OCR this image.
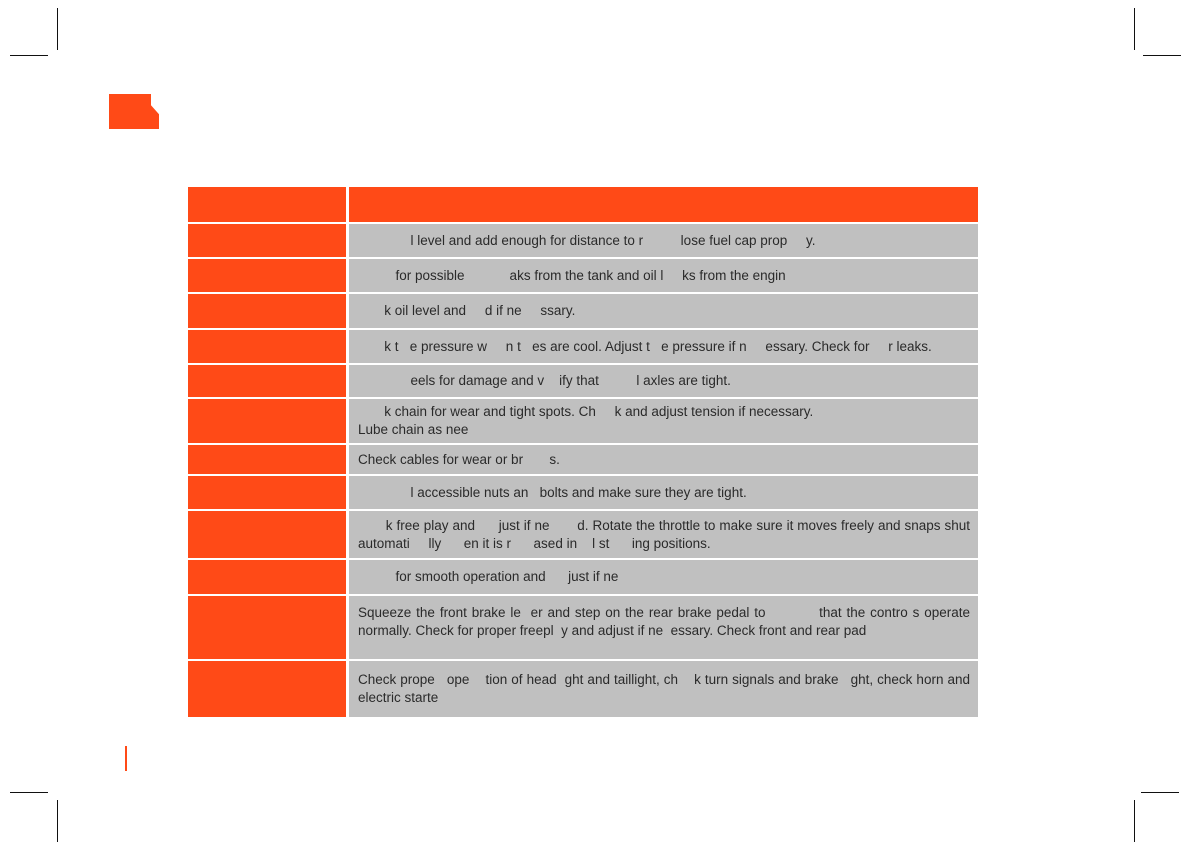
l level and add enough for distance to r          lose fuel cap prop     y.
for possible            aks from the tank and oil l     ks from the engin
k oil level and     d if ne     ssary.
k t   e pressure w     n t   es are cool. Adjust t   e pressure if n     essary. Check for     r leaks.
eels for damage and v    ify that          l axles are tight.
k chain for wear and tight spots. Ch     k and adjust tension if necessary.
Lube chain as nee
Check cables for wear or br       s.
l accessible nuts an   bolts and make sure they are tight.
k free play and      just if ne       d. Rotate the throttle to make sure it moves freely and snaps shut automati     lly      en it is r      ased in    l st      ing positions.
for smooth operation and      just if ne
Squeeze the front brake le  er and step on the rear brake pedal to           that the contro s operate normally. Check for proper freepl  y and adjust if ne  essary. Check front and rear pad
Check prope   ope    tion of head  ght and taillight, ch    k turn signals and brake   ght, check horn and electric starte
